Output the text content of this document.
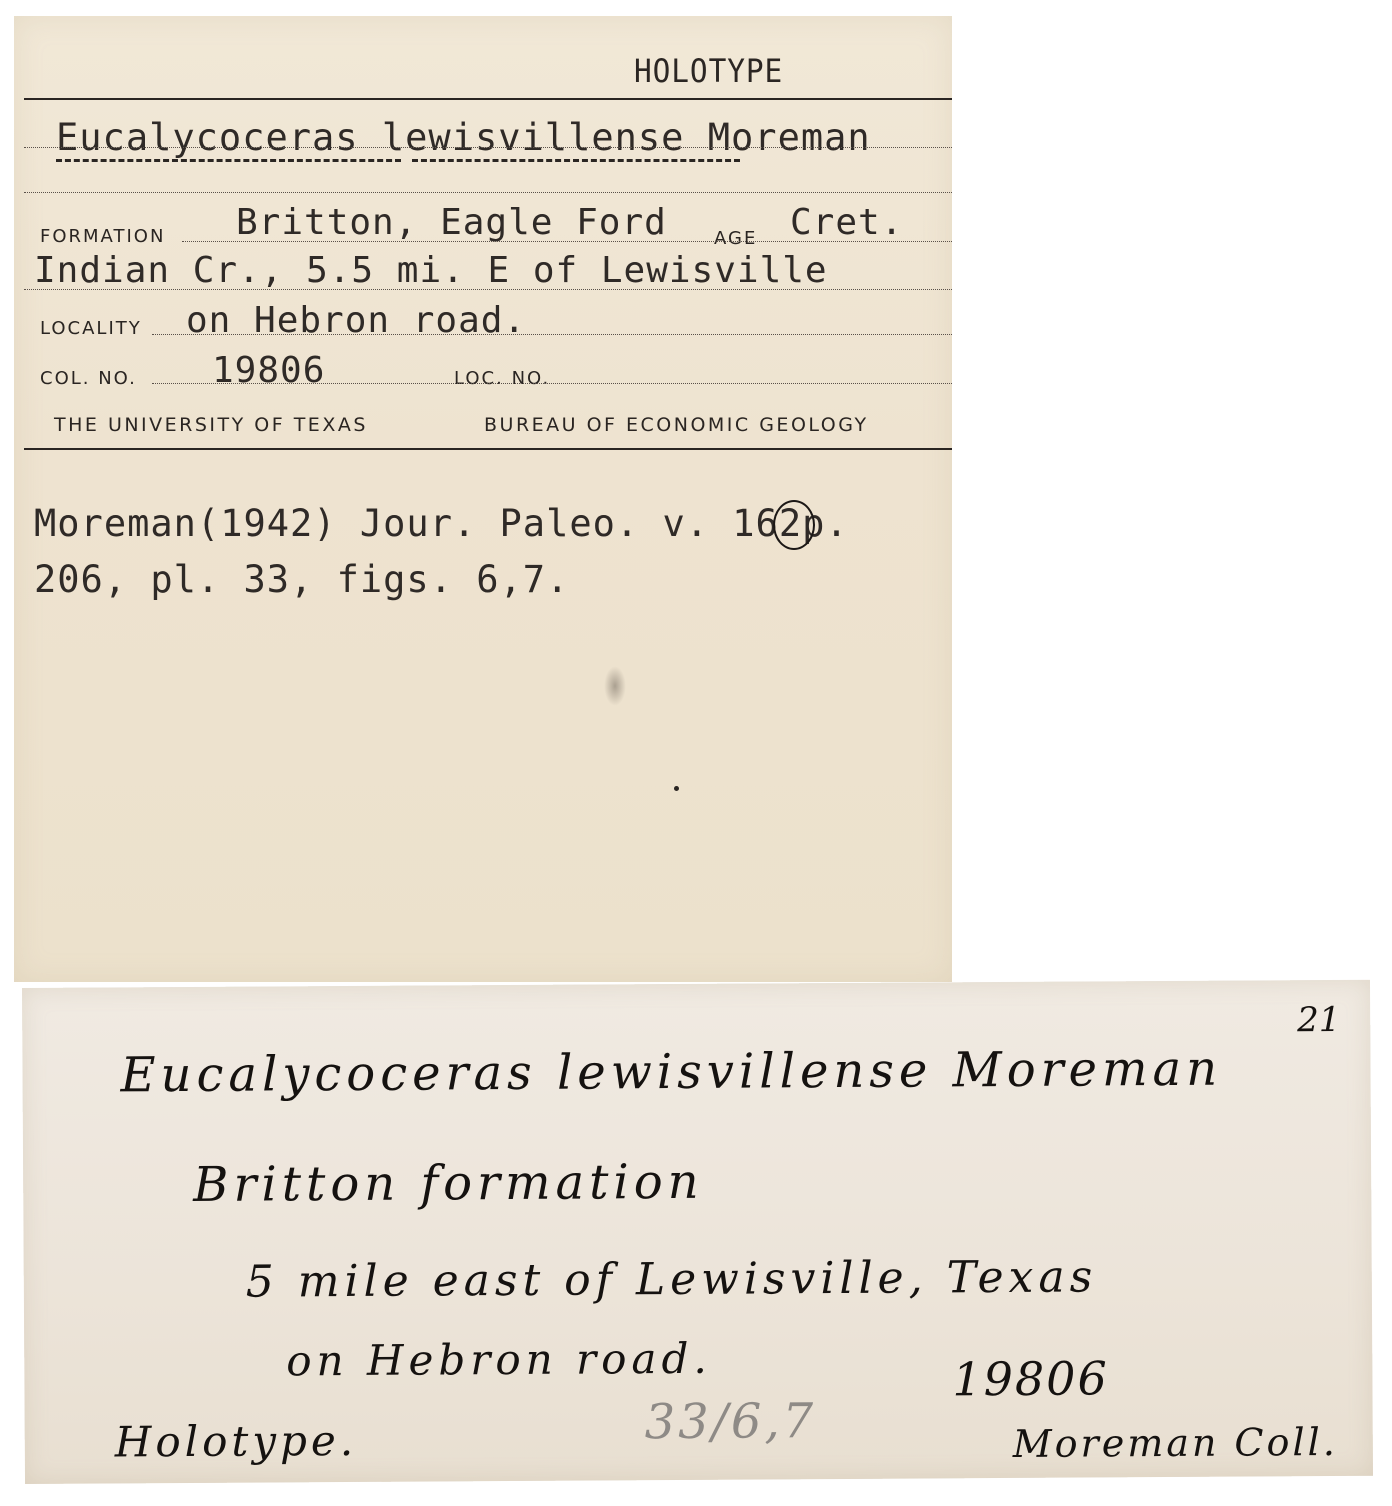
HOLOTYPE
Eucalycoceras lewisvillense Moreman
FORMATION Britton, Eagle Ford	AGE Cret.
Indian Cr., 5.5 mi. E of Lewisville
LOCALITY on Hebron road.
COL. NO. 19806	LOC. NO.
THE UNIVERSITY OF TEXAS	BUREAU OF ECONOMIC GEOLOGY
Moreman(1942) Jour. Paleo. v. 162p.
206, pl. 33, figs. 6,7.
21
Eucalycoceras lewisvillense Moreman
Britton formation
5 mile east of Lewisville, Texas
on Hebron road.	19806
33/6,7
Holotype.	Moreman Coll.
